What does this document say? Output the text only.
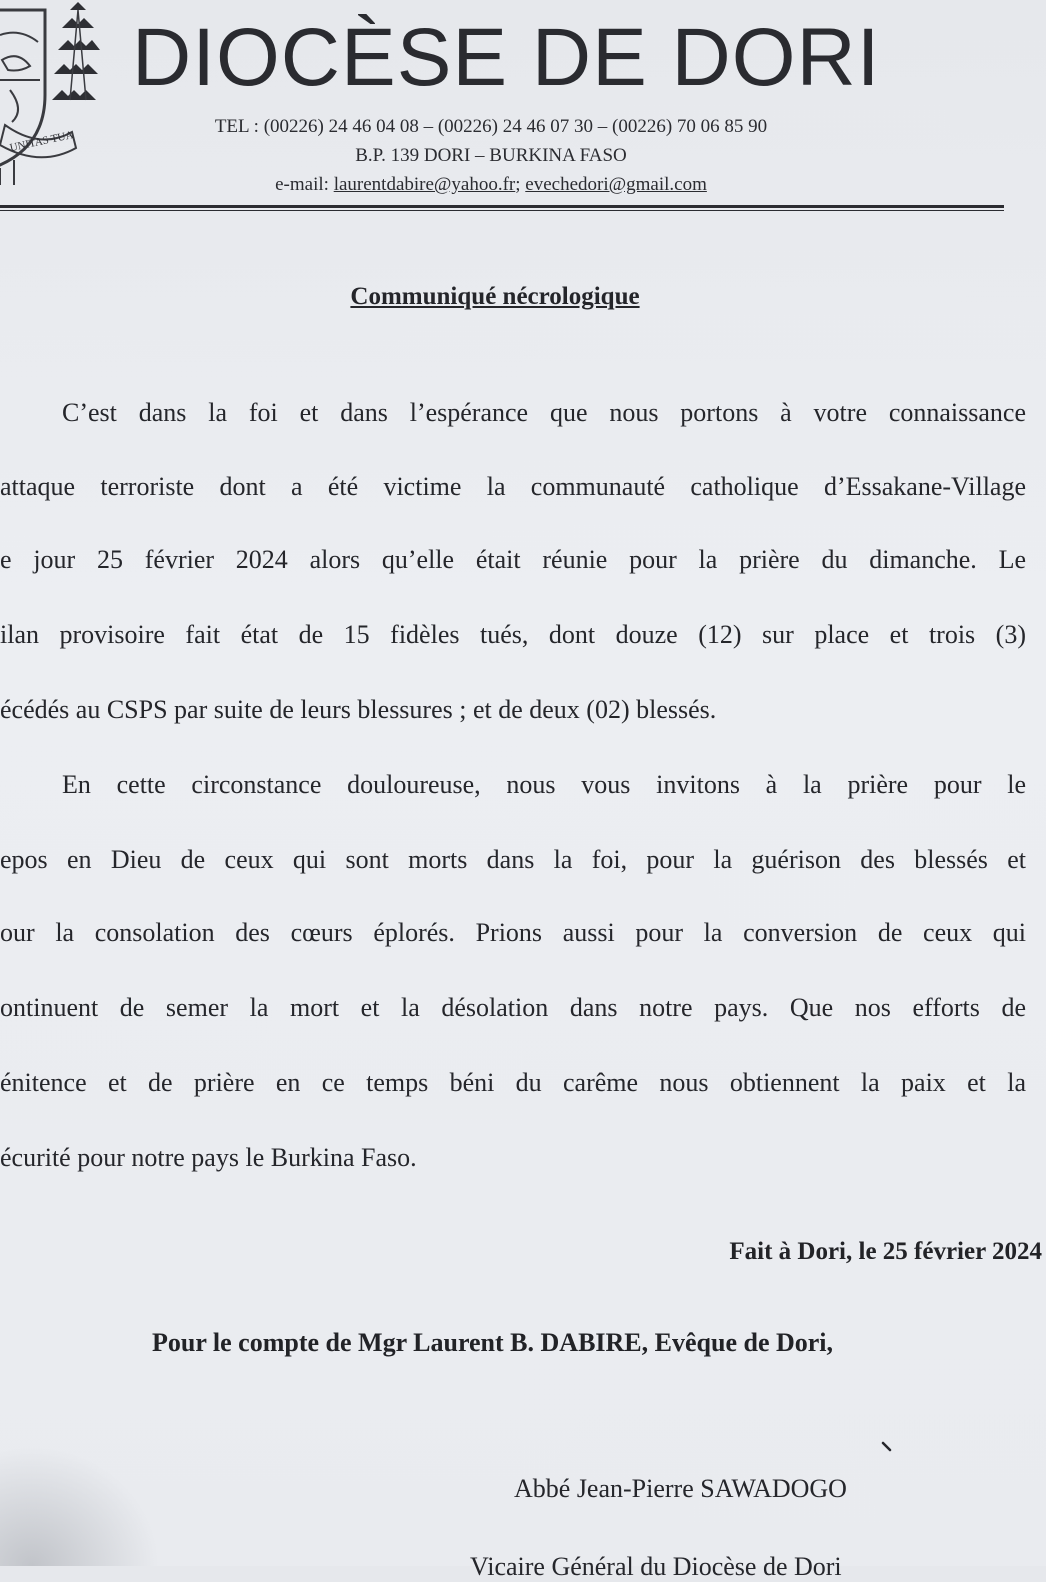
UNITAS TUA
DIOCÈSE DE DORI
TEL : (00226) 24 46 04 08 – (00226) 24 46 07 30 – (00226) 70 06 85 90
B.P. 139 DORI – BURKINA FASO
e-mail: laurentdabire@yahoo.fr; evechedori@gmail.com
Communiqué nécrologique
C’est dans la foi et dans l’espérance que nous portons à votre connaissance
attaque terroriste dont a été victime la communauté catholique d’Essakane-Village
e jour 25 février 2024 alors qu’elle était réunie pour la prière du dimanche. Le
ilan provisoire fait état de 15 fidèles tués, dont douze (12) sur place et trois (3)
écédés au CSPS par suite de leurs blessures ; et de deux (02) blessés.
En cette circonstance douloureuse, nous vous invitons à la prière pour le
epos en Dieu de ceux qui sont morts dans la foi, pour la guérison des blessés et
our la consolation des cœurs éplorés. Prions aussi pour la conversion de ceux qui
ontinuent de semer la mort et la désolation dans notre pays. Que nos efforts de
énitence et de prière en ce temps béni du carême nous obtiennent la paix et la
écurité pour notre pays le Burkina Faso.
Fait à Dori, le 25 février 2024
Pour le compte de Mgr Laurent B. DABIRE, Evêque de Dori,
Abbé Jean-Pierre SAWADOGO
Vicaire Général du Diocèse de Dori
